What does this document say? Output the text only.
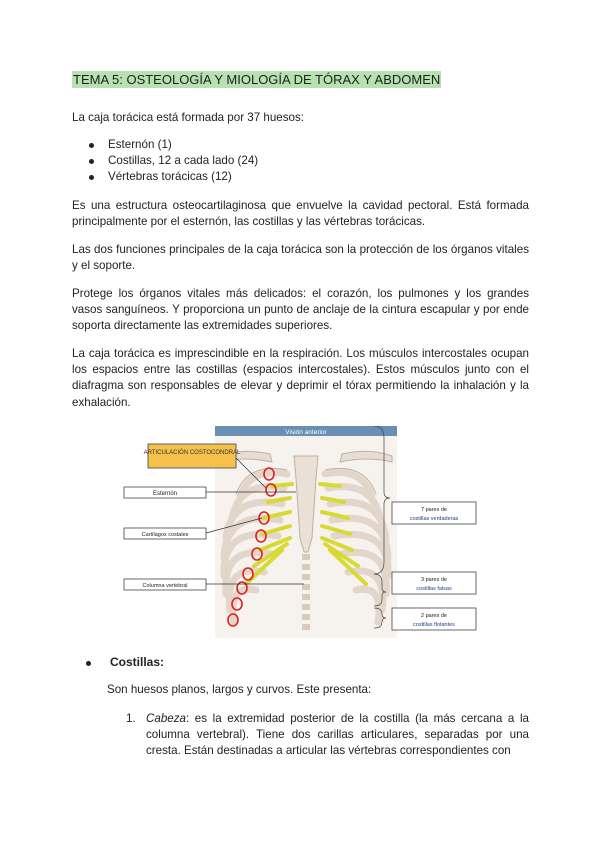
TEMA 5: OSTEOLOGÍA Y MIOLOGÍA DE TÓRAX Y ABDOMEN

La caja torácica está formada por 37 huesos:

Esternón (1)
Costillas, 12 a cada lado (24)
Vértebras torácicas (12)

Es una estructura osteocartilaginosa que envuelve la cavidad pectoral. Está formada principalmente por el esternón, las costillas y las vértebras torácicas.

Las dos funciones principales de la caja torácica son la protección de los órganos vitales y el soporte.

Protege los órganos vitales más delicados: el corazón, los pulmones y los grandes vasos sanguíneos. Y proporciona un punto de anclaje de la cintura escapular y por ende soporta directamente las extremidades superiores.

La caja torácica es imprescindible en la respiración. Los músculos intercostales ocupan los espacios entre las costillas (espacios intercostales). Estos músculos junto con el diafragma son responsables de elevar y deprimir el tórax permitiendo la inhalación y la exhalación.

Visión anterior
ARTICULACIÓN COSTOCONDRAL
Esternón
Cartílagos costales
Columna vertebral
7 pares de
costillas verdaderas
3 pares de
costillas falsas
2 pares de
costillas flotantes
Costillas:
Son huesos planos, largos y curvos. Este presenta:
1. Cabeza: es la extremidad posterior de la costilla (la más cercana a la columna vertebral). Tiene dos carillas articulares, separadas por una cresta. Están destinadas a articular las vértebras correspondientes con
